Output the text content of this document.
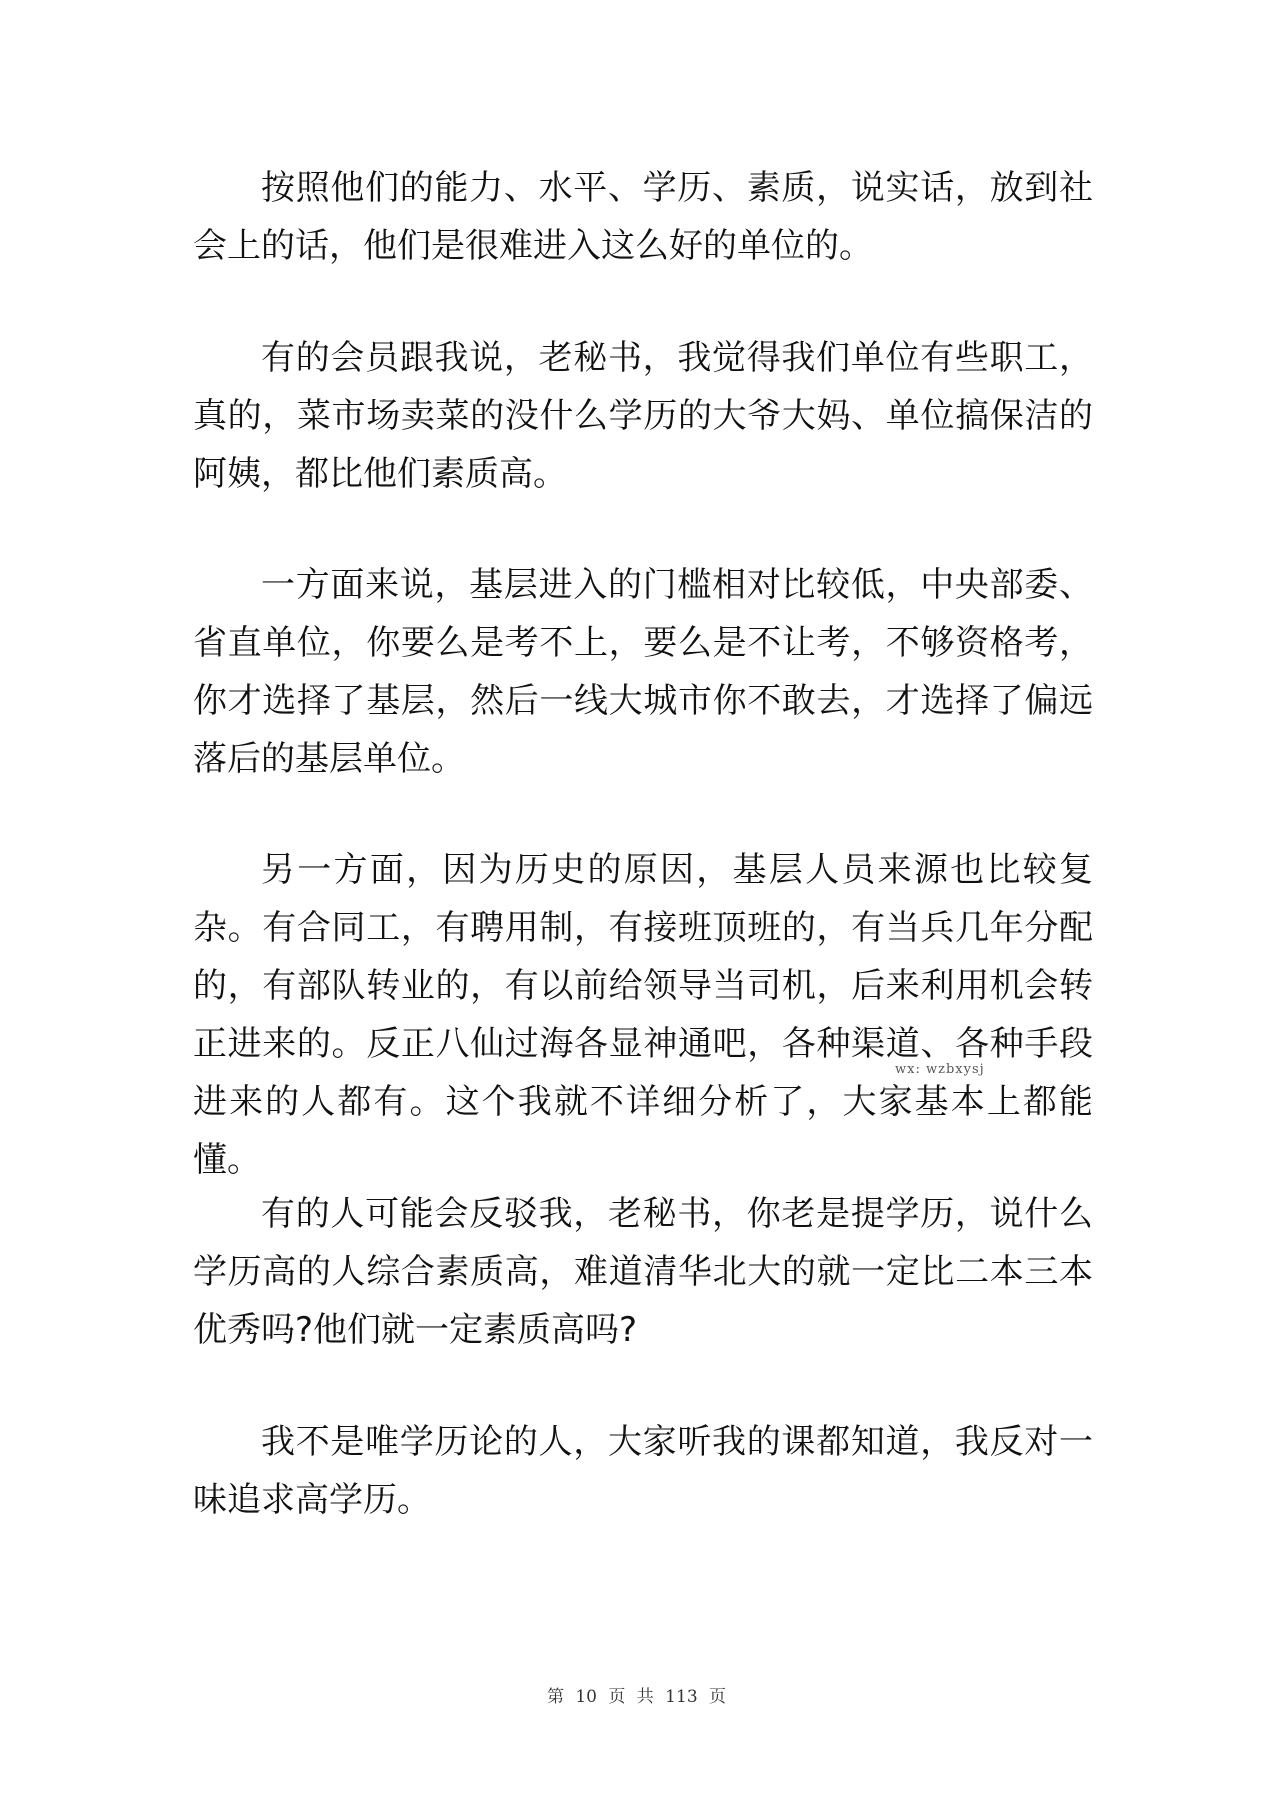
按照他们的能力、水平、学历、素质，说实话，放到社会上的话，他们是很难进入这么好的单位的。

有的会员跟我说，老秘书，我觉得我们单位有些职工，真的，菜市场卖菜的没什么学历的大爷大妈、单位搞保洁的阿姨，都比他们素质高。

一方面来说，基层进入的门槛相对比较低，中央部委、省直单位，你要么是考不上，要么是不让考，不够资格考，你才选择了基层，然后一线大城市你不敢去，才选择了偏远落后的基层单位。

另一方面，因为历史的原因，基层人员来源也比较复杂。有合同工，有聘用制，有接班顶班的，有当兵几年分配的，有部队转业的，有以前给领导当司机，后来利用机会转正进来的。反正八仙过海各显神通吧，各种渠道、各种手段进来的人都有。这个我就不详细分析了，大家基本上都能懂。

有的人可能会反驳我，老秘书，你老是提学历，说什么学历高的人综合素质高，难道清华北大的就一定比二本三本优秀吗?他们就一定素质高吗?

我不是唯学历论的人，大家听我的课都知道，我反对一味追求高学历。

wx: wzbxysj
第 10 页 共 113 页
